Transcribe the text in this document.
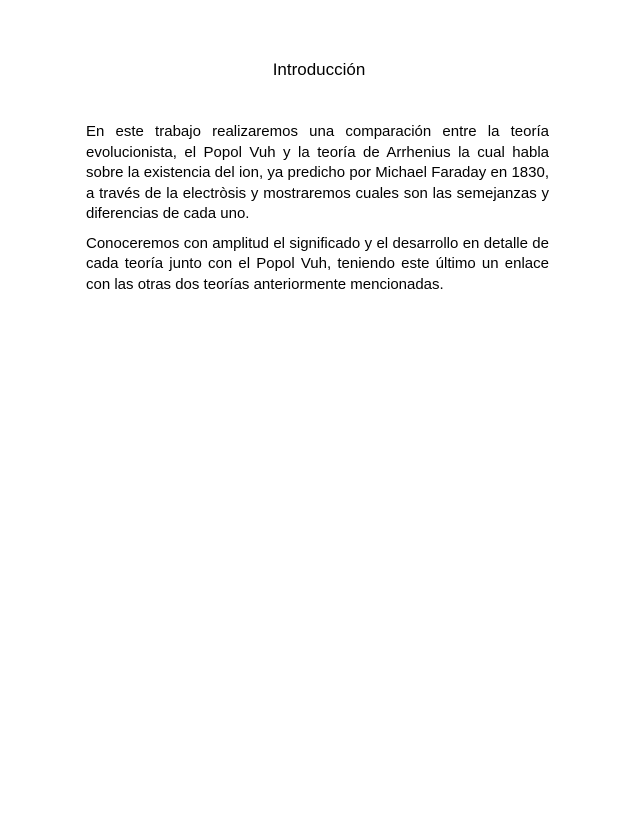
Introducción

En este trabajo realizaremos una comparación entre la teoría evolucionista, el Popol Vuh y la teoría de Arrhenius la cual habla sobre la existencia del ion, ya predicho por Michael Faraday en 1830, a través de la electròsis y mostraremos cuales son las semejanzas y diferencias de cada uno.

Conoceremos con amplitud el significado y el desarrollo en detalle de cada teoría junto con el Popol Vuh, teniendo este último un enlace con las otras dos teorías anteriormente mencionadas.
